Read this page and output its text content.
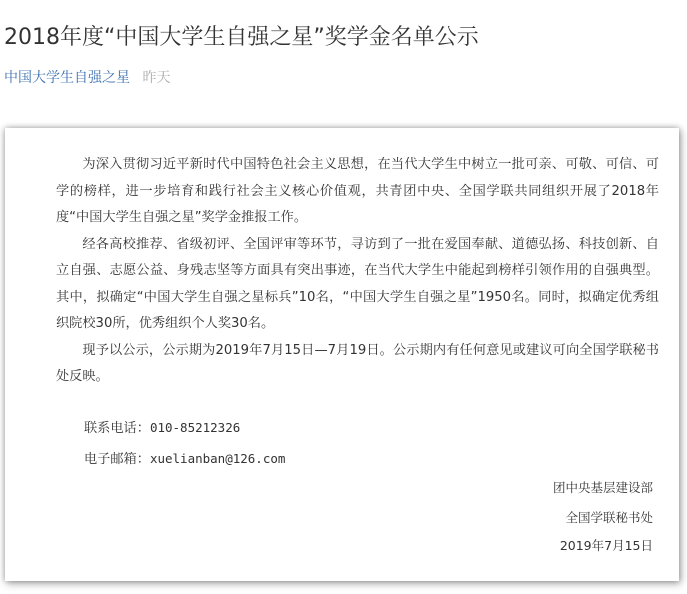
2018年度“中国大学生自强之星”奖学金名单公示
中国大学生自强之星 昨天

为深入贯彻习近平新时代中国特色社会主义思想，在当代大学生中树立一批可亲、可敬、可信、可学的榜样，进一步培育和践行社会主义核心价值观，共青团中央、全国学联共同组织开展了2018年度“中国大学生自强之星”奖学金推报工作。

经各高校推荐、省级初评、全国评审等环节，寻访到了一批在爱国奉献、道德弘扬、科技创新、自立自强、志愿公益、身残志坚等方面具有突出事迹，在当代大学生中能起到榜样引领作用的自强典型。其中，拟确定“中国大学生自强之星标兵”10名，“中国大学生自强之星”1950名。同时，拟确定优秀组织院校30所，优秀组织个人奖30名。

现予以公示，公示期为2019年7月15日—7月19日。公示期内有任何意见或建议可向全国学联秘书处反映。

联系电话：010-85212326
电子邮箱：xuelianban@126.com
团中央基层建设部
全国学联秘书处
2019年7月15日
